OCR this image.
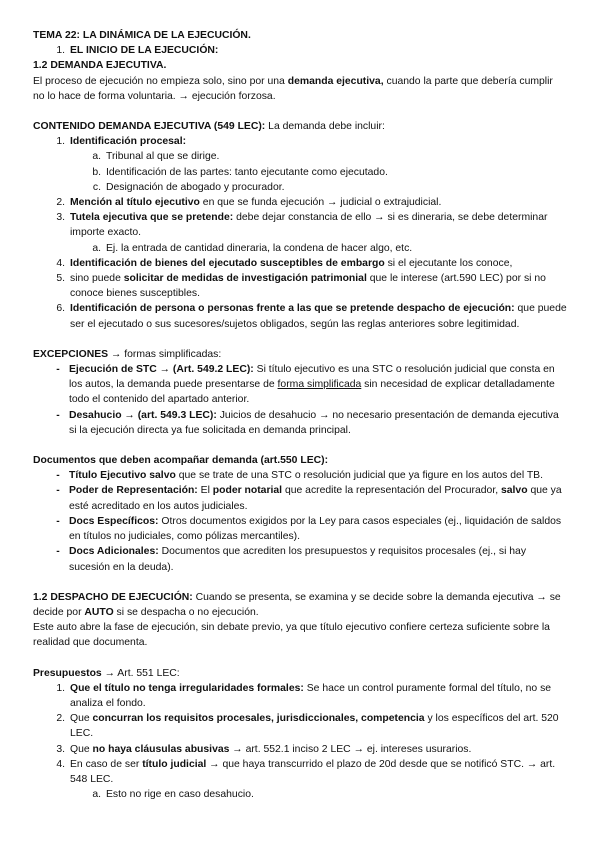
TEMA 22: LA DINÁMICA DE LA EJECUCIÓN.

1. EL INICIO DE LA EJECUCIÓN:

1.2 DEMANDA EJECUTIVA.

El proceso de ejecución no empieza solo, sino por una demanda ejecutiva, cuando la parte que debería cumplir no lo hace de forma voluntaria. → ejecución forzosa.

CONTENIDO DEMANDA EJECUTIVA (549 LEC): La demanda debe incluir:

1. Identificación procesal:
a. Tribunal al que se dirige.
b. Identificación de las partes: tanto ejecutante como ejecutado.
c. Designación de abogado y procurador.
2. Mención al título ejecutivo en que se funda ejecución → judicial o extrajudicial.
3. Tutela ejecutiva que se pretende: debe dejar constancia de ello → si es dineraria, se debe determinar importe exacto.
a. Ej. la entrada de cantidad dineraria, la condena de hacer algo, etc.
4. Identificación de bienes del ejecutado susceptibles de embargo si el ejecutante los conoce,
5. sino puede solicitar de medidas de investigación patrimonial que le interese (art.590 LEC) por si no conoce bienes susceptibles.
6. Identificación de persona o personas frente a las que se pretende despacho de ejecución: que puede ser el ejecutado o sus sucesores/sujetos obligados, según las reglas anteriores sobre legitimidad.

EXCEPCIONES → formas simplificadas:

- Ejecución de STC → (Art. 549.2 LEC): Si título ejecutivo es una STC o resolución judicial que consta en los autos, la demanda puede presentarse de forma simplificada sin necesidad de explicar detalladamente todo el contenido del apartado anterior.
- Desahucio → (art. 549.3 LEC): Juicios de desahucio → no necesario presentación de demanda ejecutiva si la ejecución directa ya fue solicitada en demanda principal.

Documentos que deben acompañar demanda (art.550 LEC):

- Título Ejecutivo salvo que se trate de una STC o resolución judicial que ya figure en los autos del TB.
- Poder de Representación: El poder notarial que acredite la representación del Procurador, salvo que ya esté acreditado en los autos judiciales.
- Docs Específicos: Otros documentos exigidos por la Ley para casos especiales (ej., liquidación de saldos en títulos no judiciales, como pólizas mercantiles).
- Docs Adicionales: Documentos que acrediten los presupuestos y requisitos procesales (ej., si hay sucesión en la deuda).

1.2 DESPACHO DE EJECUCIÓN: Cuando se presenta, se examina y se decide sobre la demanda ejecutiva → se decide por AUTO si se despacha o no ejecución.

Este auto abre la fase de ejecución, sin debate previo, ya que título ejecutivo confiere certeza suficiente sobre la realidad que documenta.

Presupuestos → Art. 551 LEC:

1. Que el título no tenga irregularidades formales: Se hace un control puramente formal del título, no se analiza el fondo.
2. Que concurran los requisitos procesales, jurisdiccionales, competencia y los específicos del art. 520 LEC.
3. Que no haya cláusulas abusivas → art. 552.1 inciso 2 LEC → ej. intereses usurarios.
4. En caso de ser título judicial → que haya transcurrido el plazo de 20d desde que se notificó STC. → art. 548 LEC.
a. Esto no rige en caso desahucio.
